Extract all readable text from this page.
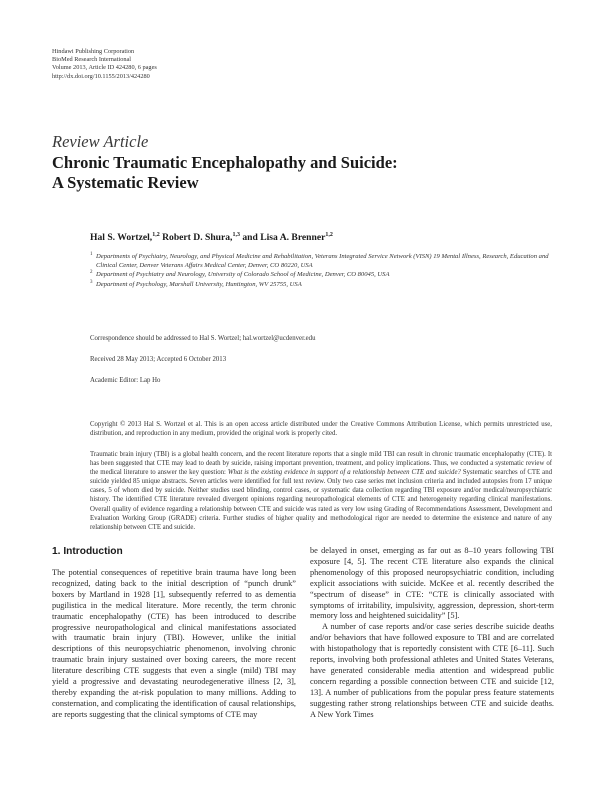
Hindawi Publishing Corporation
BioMed Research International
Volume 2013, Article ID 424280, 6 pages
http://dx.doi.org/10.1155/2013/424280
Review Article
Chronic Traumatic Encephalopathy and Suicide:
A Systematic Review
Hal S. Wortzel,$^{1,2}$ Robert D. Shura,$^{1,3}$ and Lisa A. Brenner$^{1,2}$
1 Departments of Psychiatry, Neurology, and Physical Medicine and Rehabilitation, Veterans Integrated Service Network (VISN) 19 Mental Illness, Research, Education and Clinical Center, Denver Veterans Affairs Medical Center, Denver, CO 80220, USA
2 Department of Psychiatry and Neurology, University of Colorado School of Medicine, Denver, CO 80045, USA
3 Department of Psychology, Marshall University, Huntington, WV 25755, USA
Correspondence should be addressed to Hal S. Wortzel; hal.wortzel@ucdenver.edu
Received 28 May 2013; Accepted 6 October 2013
Academic Editor: Lap Ho
Copyright © 2013 Hal S. Wortzel et al. This is an open access article distributed under the Creative Commons Attribution License, which permits unrestricted use, distribution, and reproduction in any medium, provided the original work is properly cited.
Traumatic brain injury (TBI) is a global health concern, and the recent literature reports that a single mild TBI can result in chronic traumatic encephalopathy (CTE). It has been suggested that CTE may lead to death by suicide, raising important prevention, treatment, and policy implications. Thus, we conducted a systematic review of the medical literature to answer the key question: What is the existing evidence in support of a relationship between CTE and suicide? Systematic searches of CTE and suicide yielded 85 unique abstracts. Seven articles were identified for full text review. Only two case series met inclusion criteria and included autopsies from 17 unique cases, 5 of whom died by suicide. Neither studies used blinding, control cases, or systematic data collection regarding TBI exposure and/or medical/neuropsychiatric history. The identified CTE literature revealed divergent opinions regarding neuropathological elements of CTE and heterogeneity regarding clinical manifestations. Overall quality of evidence regarding a relationship between CTE and suicide was rated as very low using Grading of Recommendations Assessment, Development and Evaluation Working Group (GRADE) criteria. Further studies of higher quality and methodological rigor are needed to determine the existence and nature of any relationship between CTE and suicide.
1. Introduction
The potential consequences of repetitive brain trauma have long been recognized, dating back to the initial description of “punch drunk” boxers by Martland in 1928 [1], subsequently referred to as dementia pugilistica in the medical literature. More recently, the term chronic traumatic encephalopathy (CTE) has been introduced to describe progressive neuropathological and clinical manifestations associated with traumatic brain injury (TBI). However, unlike the initial descriptions of this neuropsychiatric phenomenon, involving chronic traumatic brain injury sustained over boxing careers, the more recent literature describing CTE suggests that even a single (mild) TBI may yield a progressive and devastating neurodegenerative illness [2, 3], thereby expanding the at-risk population to many millions. Adding to consternation, and complicating the identification of causal relationships, are reports suggesting that the clinical symptoms of CTE may
be delayed in onset, emerging as far out as 8–10 years following TBI exposure [4, 5]. The recent CTE literature also expands the clinical phenomenology of this proposed neuropsychiatric condition, including explicit associations with suicide. McKee et al. recently described the “spectrum of disease” in CTE: “CTE is clinically associated with symptoms of irritability, impulsivity, aggression, depression, short-term memory loss and heightened suicidality” [5].
A number of case reports and/or case series describe suicide deaths and/or behaviors that have followed exposure to TBI and are correlated with histopathology that is reportedly consistent with CTE [6–11]. Such reports, involving both professional athletes and United States Veterans, have generated considerable media attention and widespread public concern regarding a possible connection between CTE and suicide [12, 13]. A number of publications from the popular press feature statements suggesting rather strong relationships between CTE and suicide deaths. A New York Times
